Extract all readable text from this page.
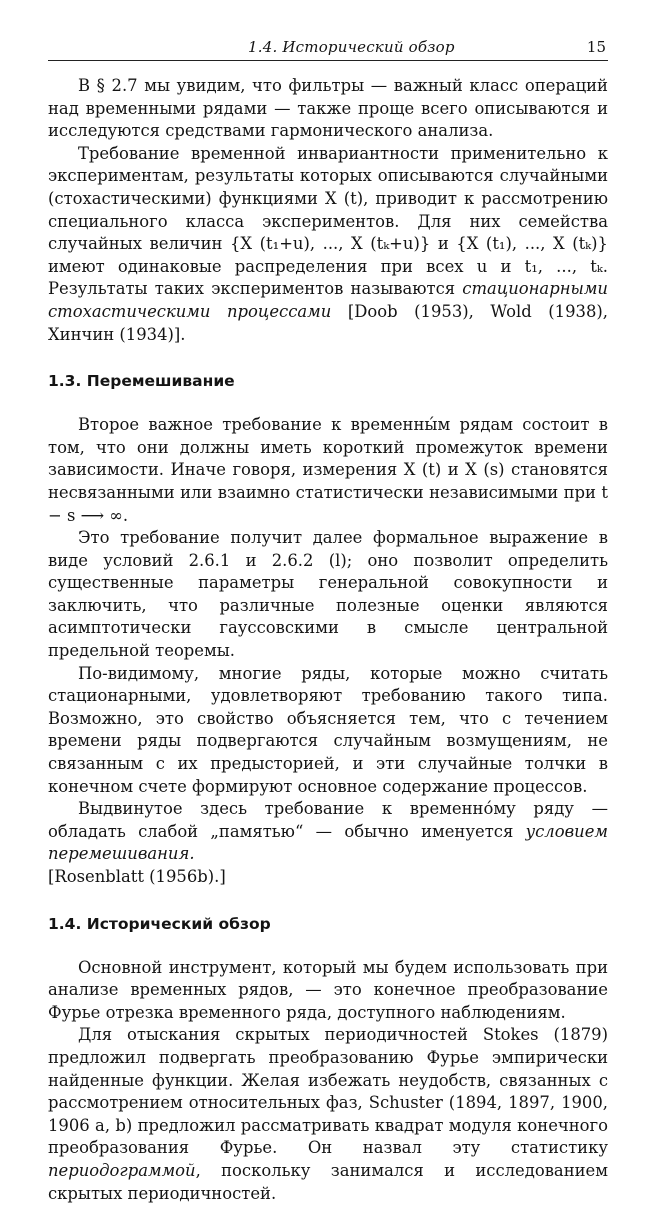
1.4. Исторический обзор	15

В § 2.7 мы увидим, что фильтры — важный класс операций над временными рядами — также проще всего описываются и исследуются средствами гармонического анализа.

Требование временной инвариантности применительно к экспериментам, результаты которых описываются случайными (стохастическими) функциями X (t), приводит к рассмотрению специального класса экспериментов. Для них семейства случайных величин {X (t₁+u), ..., X (tₖ+u)} и {X (t₁), ..., X (tₖ)} имеют одинаковые распределения при всех u и t₁, ..., tₖ. Результаты таких экспериментов называются стационарными стохастическими процессами [Doob (1953), Wold (1938), Хинчин (1934)].

1.3. Перемешивание

Второе важное требование к временны́м рядам состоит в том, что они должны иметь короткий промежуток времени зависимости. Иначе говоря, измерения X (t) и X (s) становятся несвязанными или взаимно статистически независимыми при t − s ⟶ ∞.

Это требование получит далее формальное выражение в виде условий 2.6.1 и 2.6.2 (l); оно позволит определить существенные параметры генеральной совокупности и заключить, что различные полезные оценки являются асимптотически гауссовскими в смысле центральной предельной теоремы.

По-видимому, многие ряды, которые можно считать стационарными, удовлетворяют требованию такого типа. Возможно, это свойство объясняется тем, что с течением времени ряды подвергаются случайным возмущениям, не связанным с их предысторией, и эти случайные толчки в конечном счете формируют основное содержание процессов.

Выдвинутое здесь требование к временно́му ряду — обладать слабой „памятью“ — обычно именуется условием перемешивания.

[Rosenblatt (1956b).]

1.4. Исторический обзор

Основной инструмент, который мы будем использовать при анализе временных рядов, — это конечное преобразование Фурье отрезка временного ряда, доступного наблюдениям.

Для отыскания скрытых периодичностей Stokes (1879) предложил подвергать преобразованию Фурье эмпирически найденные функции. Желая избежать неудобств, связанных с рассмотрением относительных фаз, Schuster (1894, 1897, 1900, 1906 a, b) предложил рассматривать квадрат модуля конечного преобразования Фурье. Он назвал эту статистику периодограммой, поскольку занимался и исследованием скрытых периодичностей.
